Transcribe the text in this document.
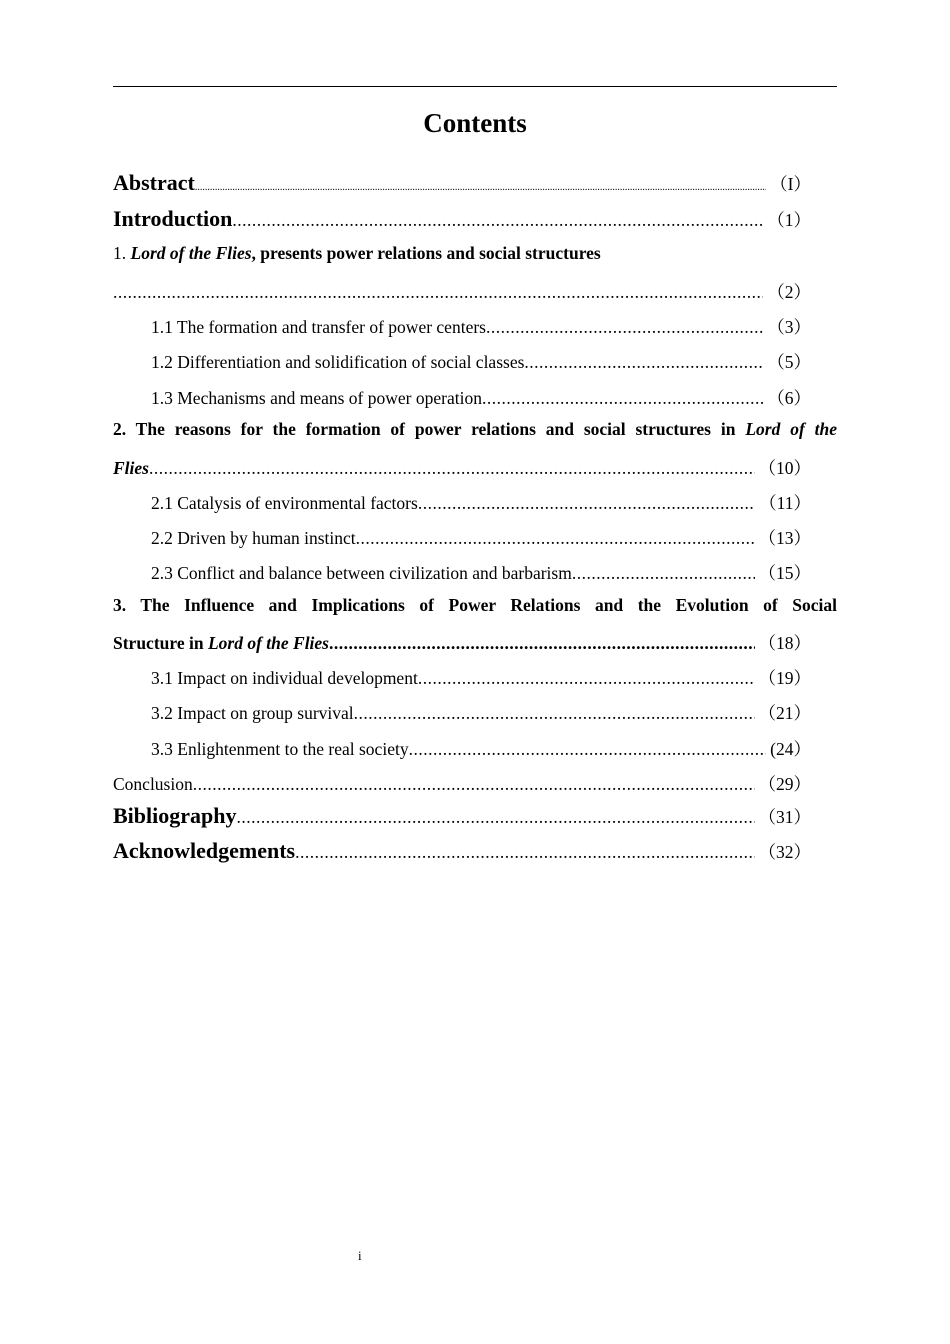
Contents
Abstract .....	（I）
Introduction .....	（1）
1. Lord of the Flies, presents power relations and social structures
.....
（2）
1.1 The formation and transfer of power centers .....	（3）
1.2 Differentiation and solidification of social classes .....	（5）
1.3 Mechanisms and means of power operation .....	（6）
2. The reasons for the formation of power relations and social structures in Lord of the
Flies .....	（10）
2.1 Catalysis of environmental factors .....	（11）
2.2 Driven by human instinct .....	（13）
2.3 Conflict and balance between civilization and barbarism .....	（15）
3. The Influence and Implications of Power Relations and the Evolution of Social
Structure in Lord of the Flies .....	（18）
3.1 Impact on individual development .....	（19）
3.2 Impact on group survival .....	（21）
3.3 Enlightenment to the real society .....	(24）
Conclusion .....	（29）
Bibliography .....	（31）
Acknowledgements .....	（32）
i
